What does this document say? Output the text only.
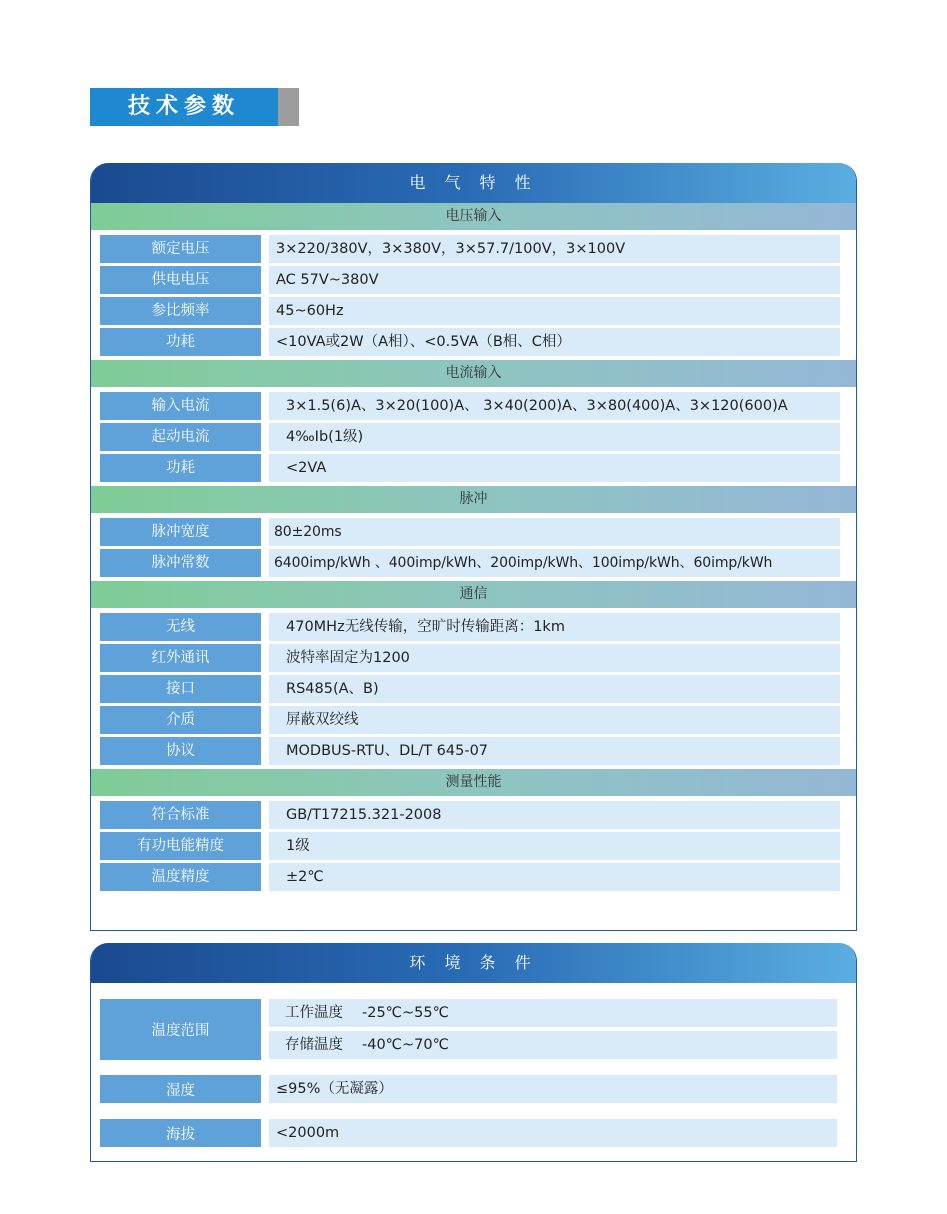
技术参数
电 气 特 性
电压输入
额定电压	3×220/380V，3×380V，3×57.7/100V，3×100V
供电电压	AC 57V~380V
参比频率	45~60Hz
功耗	<10VA或2W（A相）、<0.5VA（B相、C相）
电流输入
输入电流	3×1.5(6)A、3×20(100)A、 3×40(200)A、3×80(400)A、3×120(600)A
起动电流	4‰Ib(1级)
功耗	<2VA
脉冲
脉冲宽度	80±20ms
脉冲常数	6400imp/kWh 、400imp/kWh、200imp/kWh、100imp/kWh、60imp/kWh
通信
无线	470MHz无线传输，空旷时传输距离：1km
红外通讯	波特率固定为1200
接口	RS485(A、B)
介质	屏蔽双绞线
协议	MODBUS-RTU、DL/T 645-07
测量性能
符合标准	GB/T17215.321-2008
有功电能精度	1级
温度精度	±2℃
环 境 条 件
温度范围
工作温度 -25℃~55℃
存储温度 -40℃~70℃
湿度	≤95%（无凝露）
海拔	<2000m
